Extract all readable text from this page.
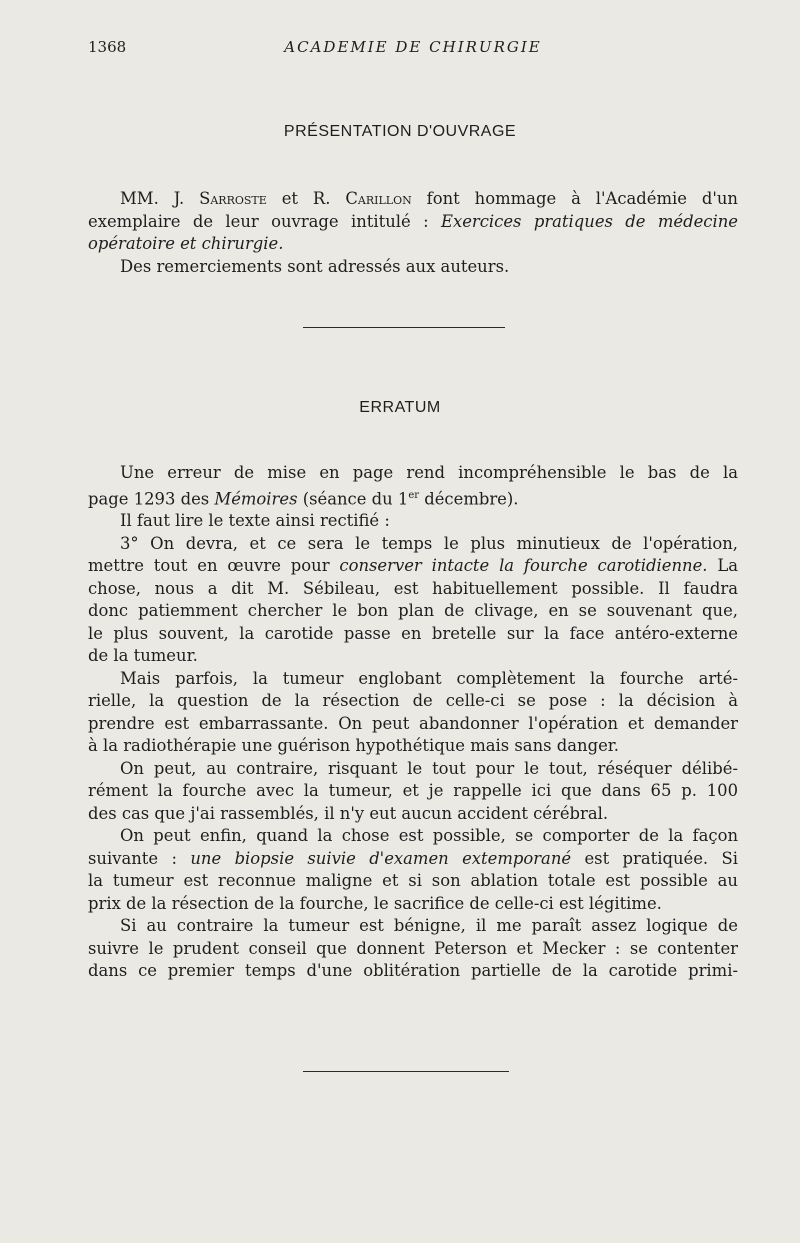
1368	ACADEMIE DE CHIRURGIE
PRÉSENTATION D'OUVRAGE
MM. J. Sarroste et R. Carillon font hommage à l'Académie d'un
exemplaire de leur ouvrage intitulé : Exercices pratiques de médecine
opératoire et chirurgie.
Des remerciements sont adressés aux auteurs.
ERRATUM
Une erreur de mise en page rend incompréhensible le bas de la
page 1293 des Mémoires (séance du 1er décembre).
Il faut lire le texte ainsi rectifié :
3° On devra, et ce sera le temps le plus minutieux de l'opération,
mettre tout en œuvre pour conserver intacte la fourche carotidienne. La
chose, nous a dit M. Sébileau, est habituellement possible. Il faudra
donc patiemment chercher le bon plan de clivage, en se souvenant que,
le plus souvent, la carotide passe en bretelle sur la face antéro-externe
de la tumeur.
Mais parfois, la tumeur englobant complètement la fourche arté-
rielle, la question de la résection de celle-ci se pose : la décision à
prendre est embarrassante. On peut abandonner l'opération et demander
à la radiothérapie une guérison hypothétique mais sans danger.
On peut, au contraire, risquant le tout pour le tout, réséquer délibé-
rément la fourche avec la tumeur, et je rappelle ici que dans 65 p. 100
des cas que j'ai rassemblés, il n'y eut aucun accident cérébral.
On peut enfin, quand la chose est possible, se comporter de la façon
suivante : une biopsie suivie d'examen extemporané est pratiquée. Si
la tumeur est reconnue maligne et si son ablation totale est possible au
prix de la résection de la fourche, le sacrifice de celle-ci est légitime.
Si au contraire la tumeur est bénigne, il me paraît assez logique de
suivre le prudent conseil que donnent Peterson et Mecker : se contenter
dans ce premier temps d'une oblitération partielle de la carotide primi-
